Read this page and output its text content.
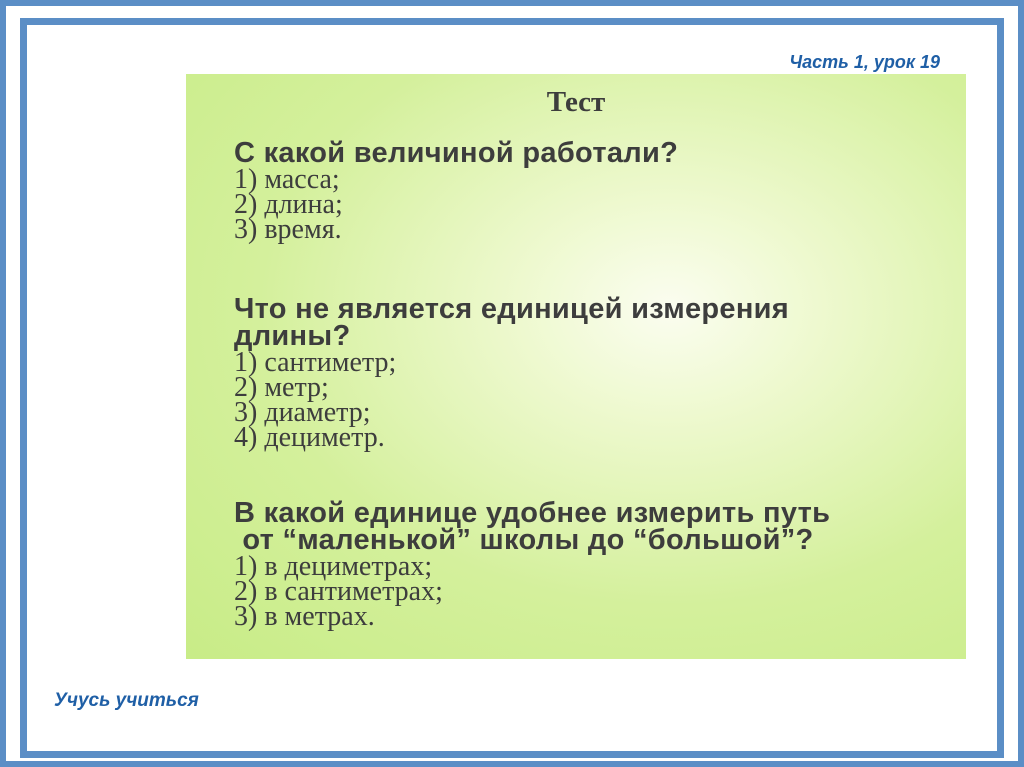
Часть 1, урок 19
Тест
С какой величиной работали?
1) масса;
2) длина;
3) время.
Что не является единицей измерения
длины?
1) сантиметр;
2) метр;
3) диаметр;
4) дециметр.
В какой единице удобнее измерить путь
от “маленькой” школы до “большой”?
1) в дециметрах;
2) в сантиметрах;
3) в метрах.
Учусь учиться
